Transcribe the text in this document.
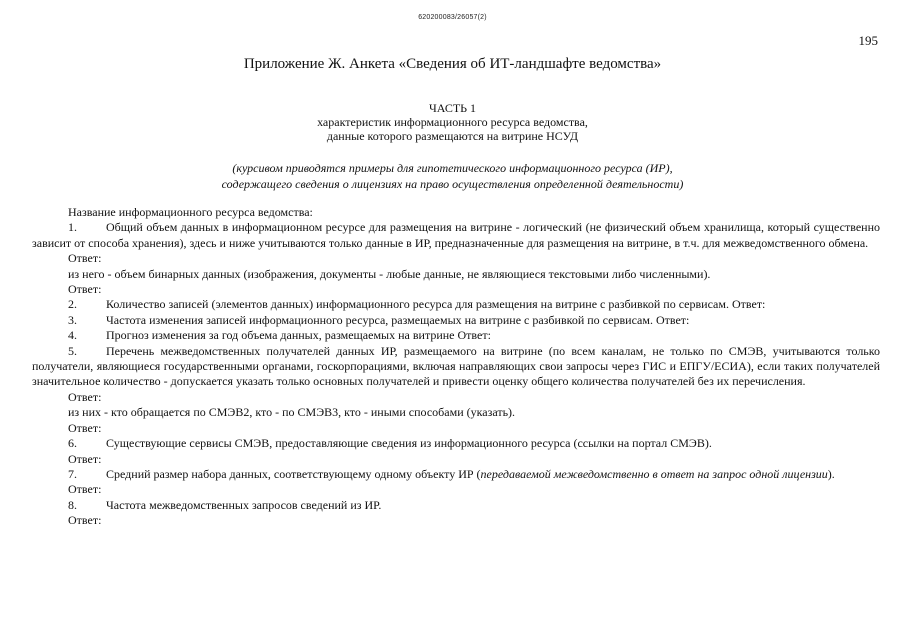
620200083/26057(2)
195
Приложение Ж. Анкета «Сведения об ИТ-ландшафте ведомства»
ЧАСТЬ 1
характеристик информационного ресурса ведомства,
данные которого размещаются на витрине НСУД
(курсивом приводятся примеры для гипотетического информационного ресурса (ИР),
содержащего сведения о лицензиях на право осуществления определенной деятельности)

Название информационного ресурса ведомства:

1. Общий объем данных в информационном ресурсе для размещения на витрине - логический (не физический объем хранилища, который существенно зависит от способа хранения), здесь и ниже учитываются только данные в ИР, предназначенные для размещения на витрине, в т.ч. для межведомственного обмена.

Ответ:

из него - объем бинарных данных (изображения, документы - любые данные, не являющиеся текстовыми либо численными).

Ответ:

2. Количество записей (элементов данных) информационного ресурса для размещения на витрине с разбивкой по сервисам. Ответ:

3. Частота изменения записей информационного ресурса, размещаемых на витрине с разбивкой по сервисам. Ответ:

4. Прогноз изменения за год объема данных, размещаемых на витрине Ответ:

5. Перечень межведомственных получателей данных ИР, размещаемого на витрине (по всем каналам, не только по СМЭВ, учитываются только получатели, являющиеся государственными органами, госкорпорациями, включая направляющих свои запросы через ГИС и ЕПГУ/ЕСИА), если таких получателей значительное количество - допускается указать только основных получателей и привести оценку общего количества получателей без их перечисления.

Ответ:

из них - кто обращается по СМЭВ2, кто - по СМЭВ3, кто - иными способами (указать).

Ответ:

6. Существующие сервисы СМЭВ, предоставляющие сведения из информационного ресурса (ссылки на портал СМЭВ).

Ответ:

7. Средний размер набора данных, соответствующему одному объекту ИР (передаваемой межведомственно в ответ на запрос одной лицензии).

Ответ:

8. Частота межведомственных запросов сведений из ИР.

Ответ:
